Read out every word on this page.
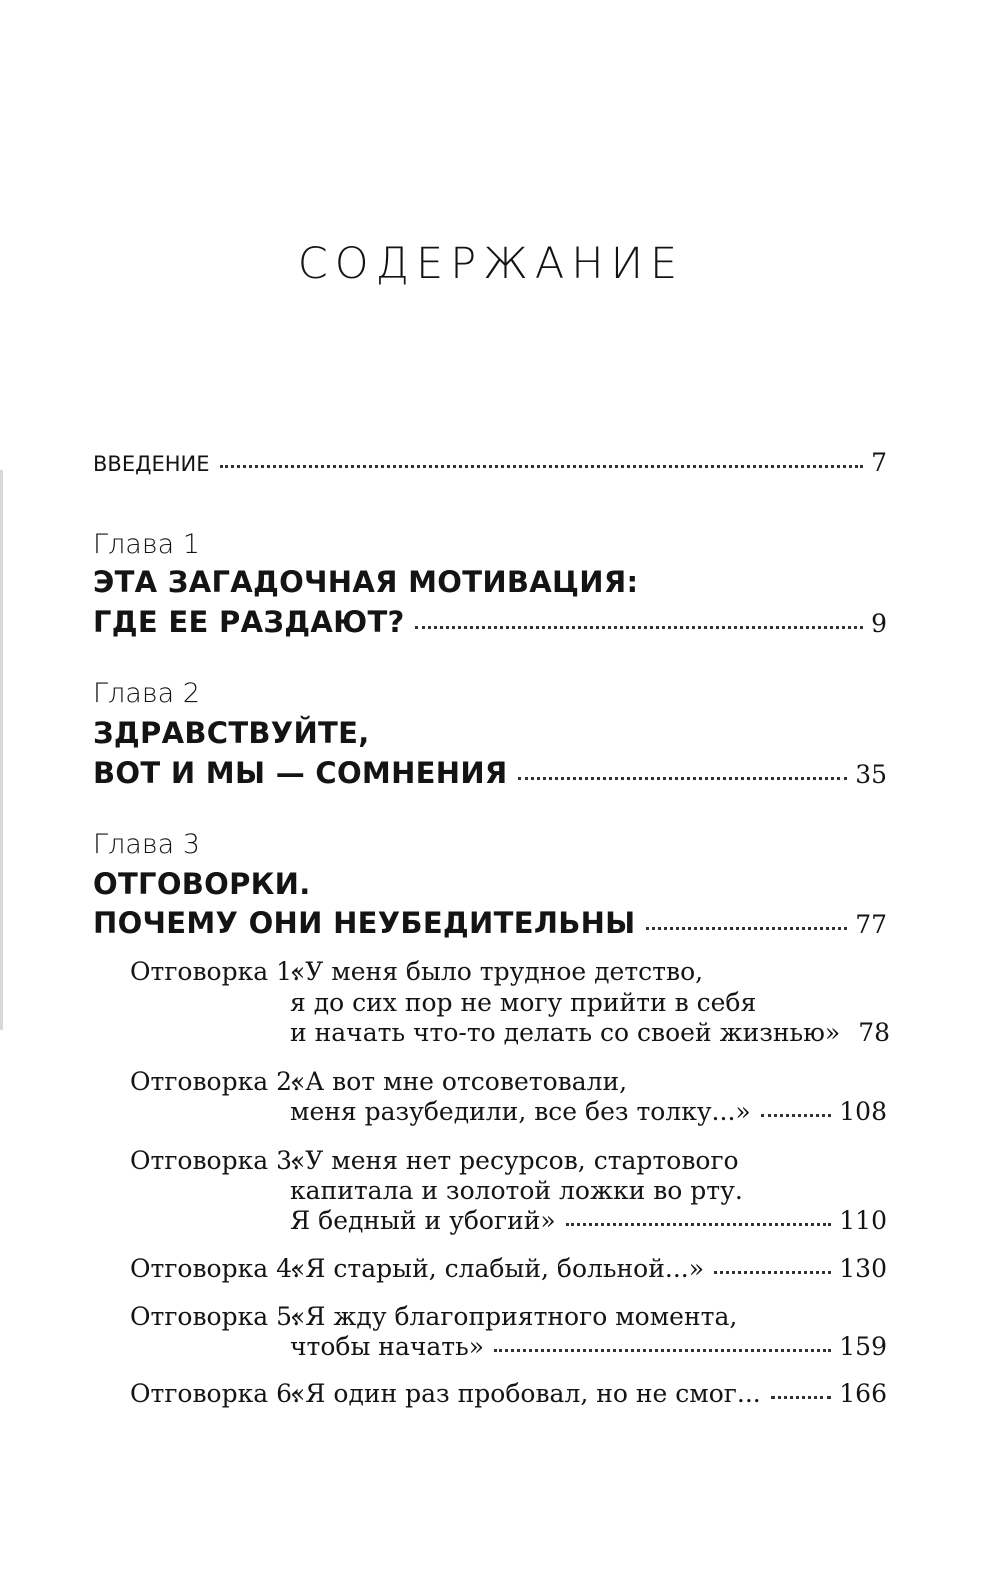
СОДЕРЖАНИЕ
ВВЕДЕНИЕ	7
Глава 1
ЭТА ЗАГАДОЧНАЯ МОТИВАЦИЯ:
ГДЕ ЕЕ РАЗДАЮТ?	9
Глава 2
ЗДРАВСТВУЙТЕ,
ВОТ И МЫ — СОМНЕНИЯ	35
Глава 3
ОТГОВОРКИ.
ПОЧЕМУ ОНИ НЕУБЕДИТЕЛЬНЫ	77
Отговорка 1:
«У меня было трудное детство,
я до сих пор не могу прийти в себя
и начать что-то делать со своей жизнью» 78
Отговорка 2:
«А вот мне отсоветовали,
меня разубедили, все без толку...»	108
Отговорка 3:
«У меня нет ресурсов, стартового
капитала и золотой ложки во рту.
Я бедный и убогий»	110
Отговорка 4:
«Я старый, слабый, больной...»	130
Отговорка 5:
«Я жду благоприятного момента,
чтобы начать»	159
Отговорка 6:
«Я один раз пробовал, но не смог...	166
